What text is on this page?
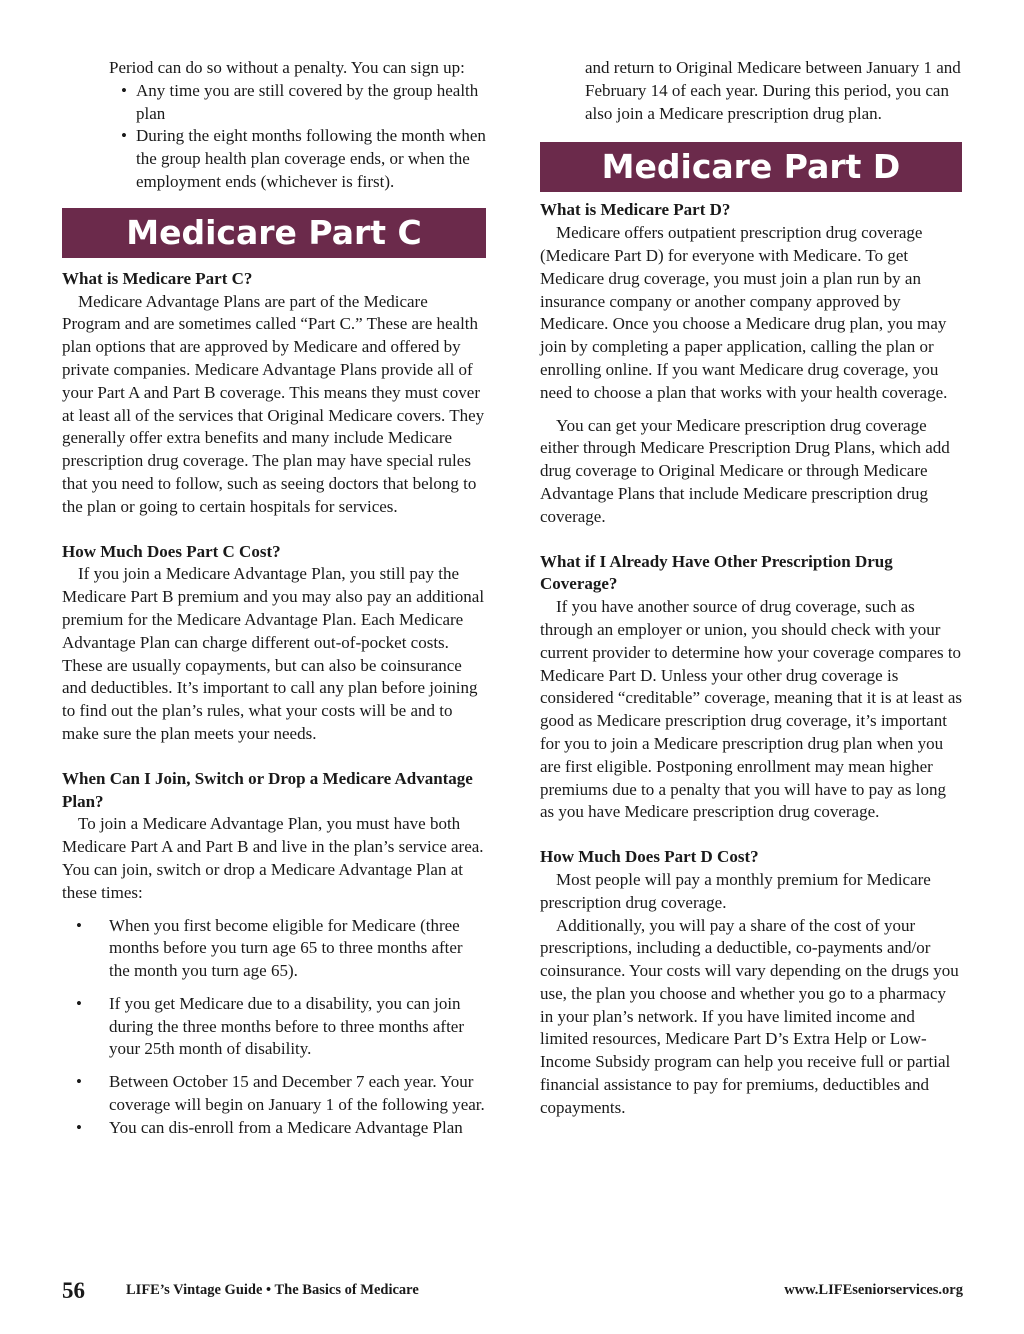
Period can do so without a penalty. You can sign up:

• Any time you are still covered by the group health plan
• During the eight months following the month when the group health plan coverage ends, or when the employment ends (whichever is first).
Medicare Part C

What is Medicare Part C?

Medicare Advantage Plans are part of the Medicare Program and are sometimes called “Part C.” These are health plan options that are approved by Medicare and offered by private companies. Medicare Advantage Plans provide all of your Part A and Part B coverage. This means they must cover at least all of the services that Original Medicare covers. They generally offer extra benefits and many include Medicare prescription drug coverage. The plan may have special rules that you need to follow, such as seeing doctors that belong to the plan or going to certain hospitals for services.

How Much Does Part C Cost?

If you join a Medicare Advantage Plan, you still pay the Medicare Part B premium and you may also pay an additional premium for the Medicare Advantage Plan. Each Medicare Advantage Plan can charge different out-of-pocket costs. These are usually copayments, but can also be coinsurance and deductibles. It’s important to call any plan before joining to find out the plan’s rules, what your costs will be and to make sure the plan meets your needs.

When Can I Join, Switch or Drop a Medicare Advantage Plan?

To join a Medicare Advantage Plan, you must have both Medicare Part A and Part B and live in the plan’s service area. You can join, switch or drop a Medicare Advantage Plan at these times:

• When you first become eligible for Medicare (three months before you turn age 65 to three months after the month you turn age 65).
• If you get Medicare due to a disability, you can join during the three months before to three months after your 25th month of disability.
• Between October 15 and December 7 each year. Your coverage will begin on January 1 of the following year.
• You can dis-enroll from a Medicare Advantage Plan

and return to Original Medicare between January 1 and February 14 of each year. During this period, you can also join a Medicare prescription drug plan.

Medicare Part D

What is Medicare Part D?

Medicare offers outpatient prescription drug coverage (Medicare Part D) for everyone with Medicare. To get Medicare drug coverage, you must join a plan run by an insurance company or another company approved by Medicare. Once you choose a Medicare drug plan, you may join by completing a paper application, calling the plan or enrolling online. If you want Medicare drug coverage, you need to choose a plan that works with your health coverage.

You can get your Medicare prescription drug coverage either through Medicare Prescription Drug Plans, which add drug coverage to Original Medicare or through Medicare Advantage Plans that include Medicare prescription drug coverage.

What if I Already Have Other Prescription Drug Coverage?

If you have another source of drug coverage, such as through an employer or union, you should check with your current provider to determine how your coverage compares to Medicare Part D. Unless your other drug coverage is considered “creditable” coverage, meaning that it is at least as good as Medicare prescription drug coverage, it’s important for you to join a Medicare prescription drug plan when you are first eligible. Postponing enrollment may mean higher premiums due to a penalty that you will have to pay as long as you have Medicare prescription drug coverage.

How Much Does Part D Cost?

Most people will pay a monthly premium for Medicare prescription drug coverage.

Additionally, you will pay a share of the cost of your prescriptions, including a deductible, co-payments and/or coinsurance. Your costs will vary depending on the drugs you use, the plan you choose and whether you go to a pharmacy in your plan’s network. If you have limited income and limited resources, Medicare Part D’s Extra Help or Low-Income Subsidy program can help you receive full or partial financial assistance to pay for premiums, deductibles and copayments.

56	LIFE’s Vintage Guide • The Basics of Medicare	www.LIFEseniorservices.org
